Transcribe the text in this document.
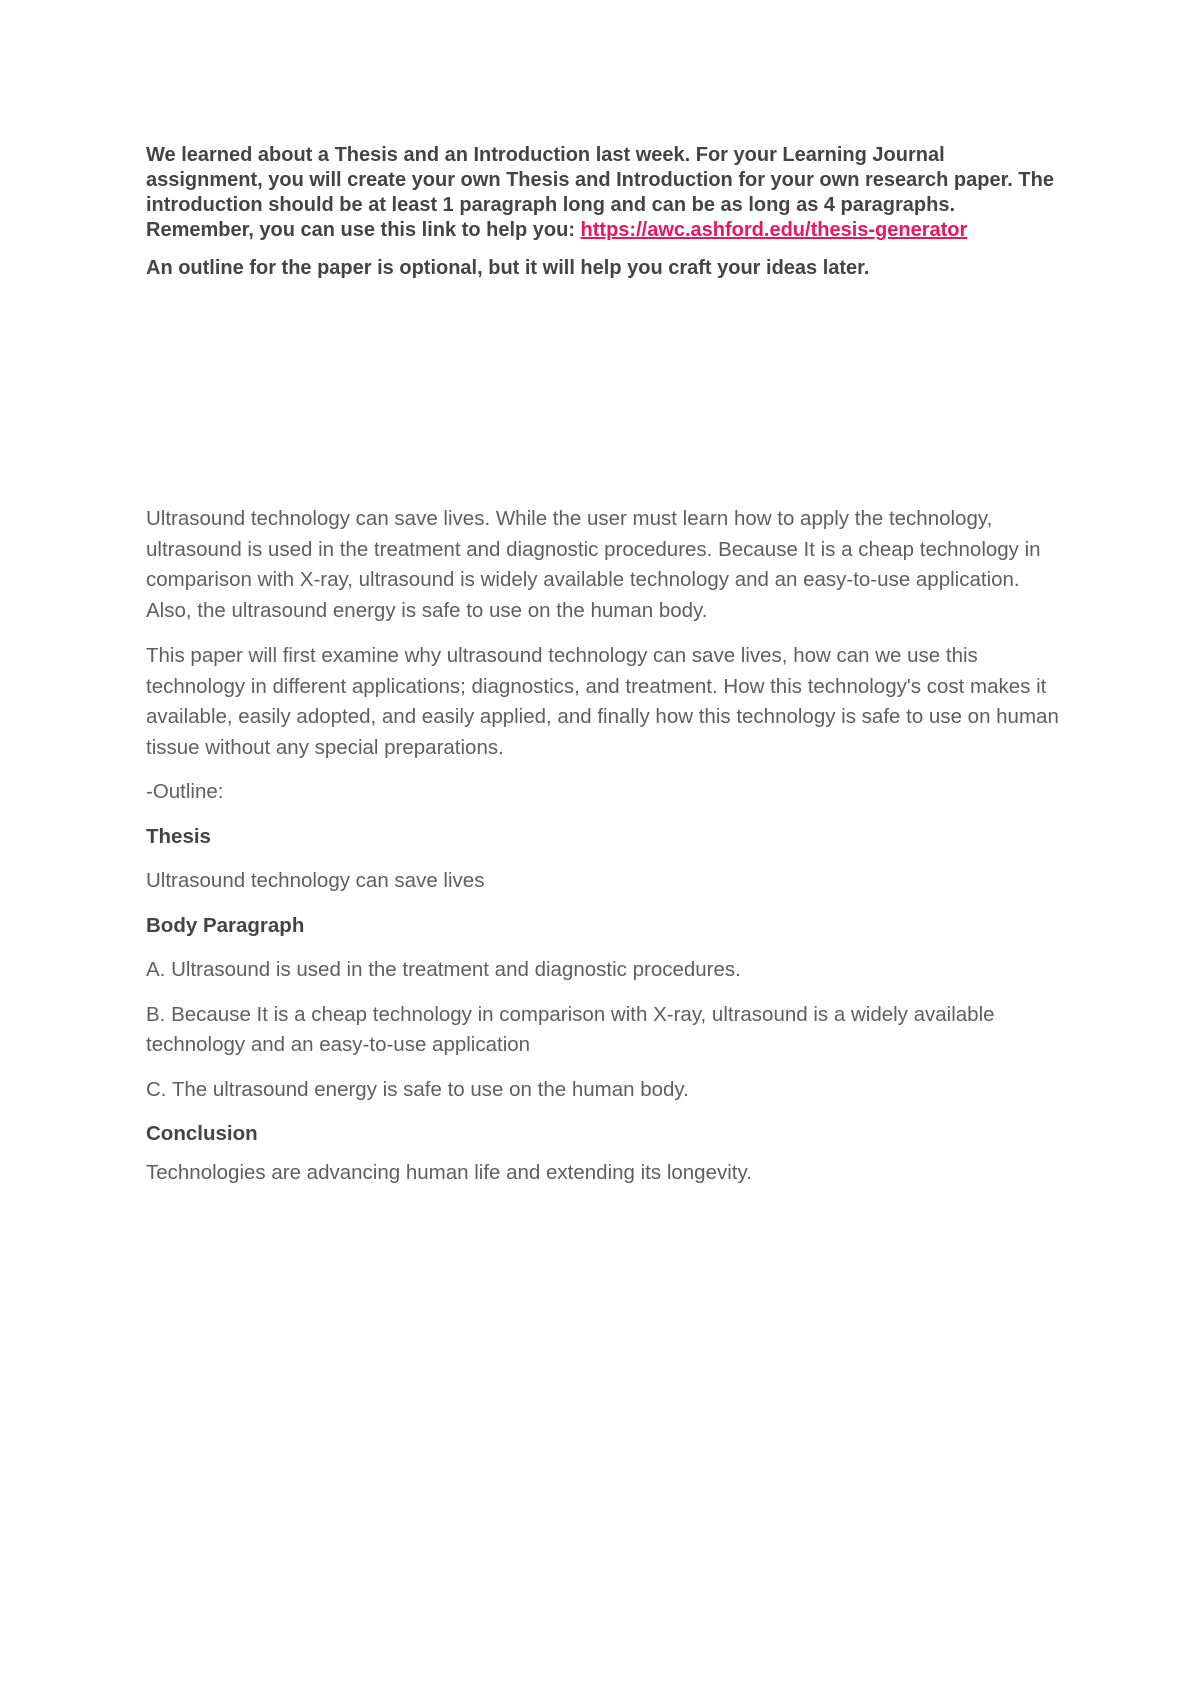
We learned about a Thesis and an Introduction last week. For your Learning Journal assignment, you will create your own Thesis and Introduction for your own research paper. The introduction should be at least 1 paragraph long and can be as long as 4 paragraphs. Remember, you can use this link to help you: https://awc.ashford.edu/thesis-generator

An outline for the paper is optional, but it will help you craft your ideas later.

Ultrasound technology can save lives. While the user must learn how to apply the technology, ultrasound is used in the treatment and diagnostic procedures. Because It is a cheap technology in comparison with X-ray, ultrasound is widely available technology and an easy-to-use application. Also, the ultrasound energy is safe to use on the human body.

This paper will first examine why ultrasound technology can save lives, how can we use this technology in different applications; diagnostics, and treatment. How this technology's cost makes it available, easily adopted, and easily applied, and finally how this technology is safe to use on human tissue without any special preparations.

-Outline:

Thesis

Ultrasound technology can save lives

Body Paragraph

A. Ultrasound is used in the treatment and diagnostic procedures.

B. Because It is a cheap technology in comparison with X-ray, ultrasound is a widely available technology and an easy-to-use application

C. The ultrasound energy is safe to use on the human body.

Conclusion

Technologies are advancing human life and extending its longevity.
